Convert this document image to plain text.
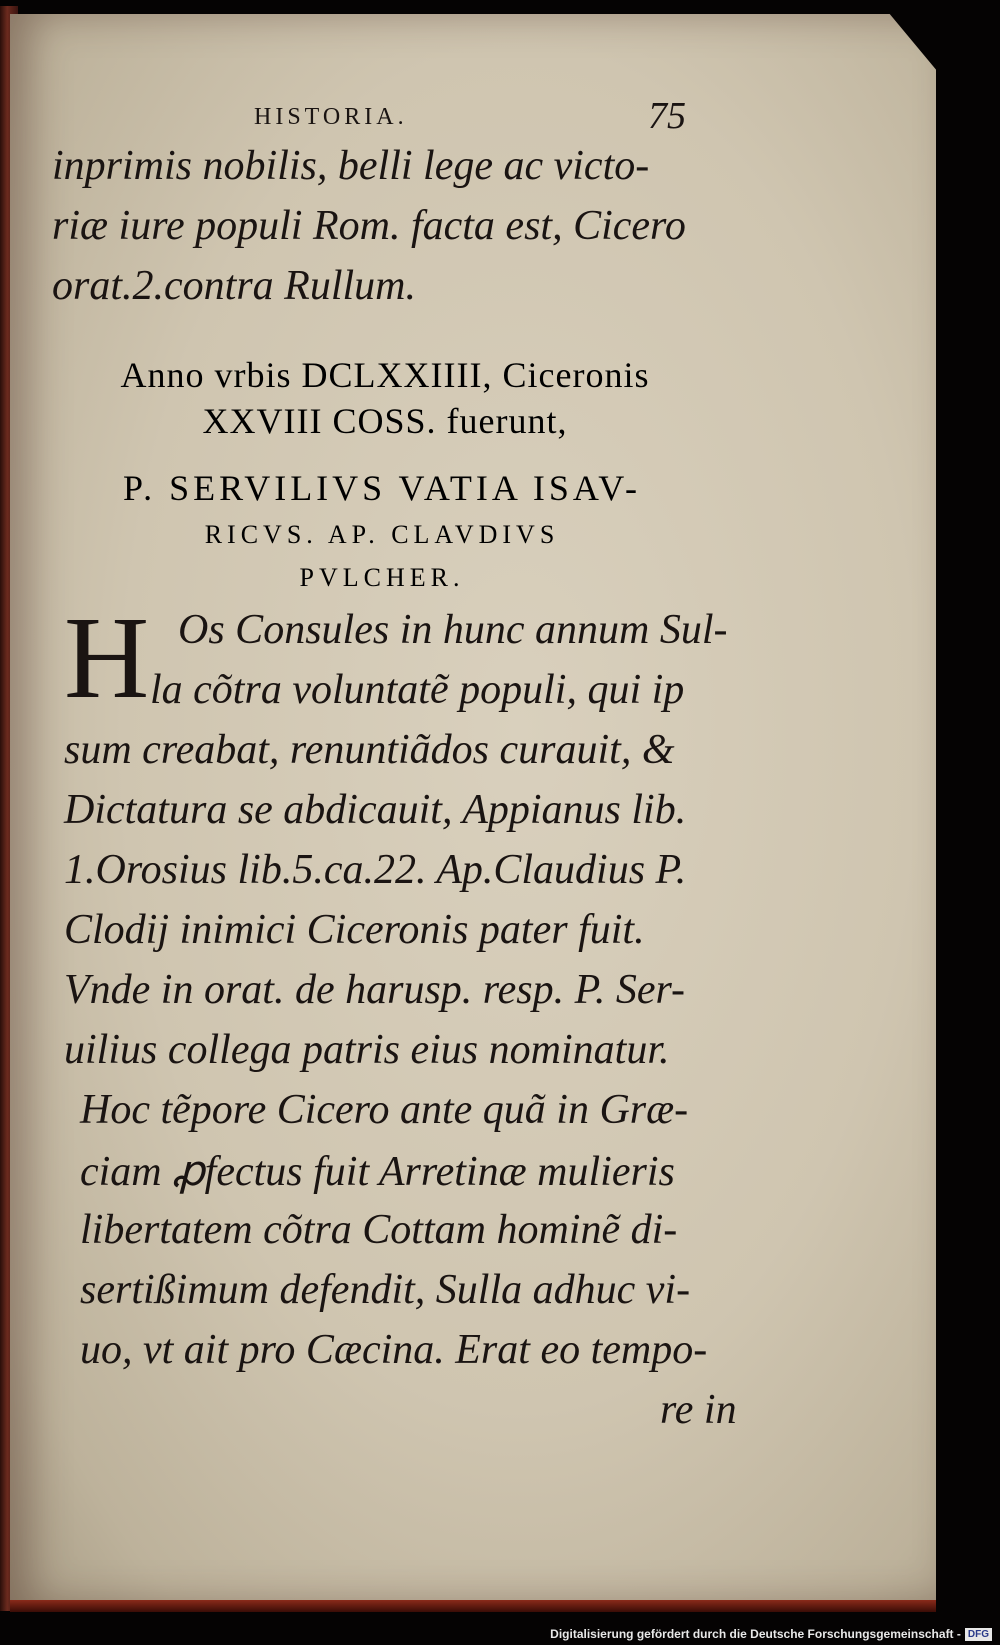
HISTORIA.	75
inprimis nobilis, belli lege ac victo-
riæ iure populi Rom. facta est, Cicero
orat.2.contra Rullum.
Anno vrbis DCLXXIIII, Ciceronis
XXVIII COSS. fuerunt,
P. SERVILIVS VATIA ISAV-
RICVS. AP. CLAVDIVS
PVLCHER.
H Os Consules in hunc annum Sul-
la cõtra voluntatẽ populi, qui ip
sum creabat, renuntiãdos curauit, &
Dictatura se abdicauit, Appianus lib.
1.Orosius lib.5.ca.22. Ap.Claudius P.
Clodij inimici Ciceronis pater fuit.
Vnde in orat. de harusp. resp. P. Ser-
uilius collega patris eius nominatur.
Hoc tẽpore Cicero ante quã in Græ-
ciam ꝓfectus fuit Arretinæ mulieris
libertatem cõtra Cottam hominẽ di-
sertißimum defendit, Sulla adhuc vi-
uo, vt ait pro Cæcina. Erat eo tempo-
re in
Digitalisierung gefördert durch die Deutsche Forschungsgemeinschaft - DFG
